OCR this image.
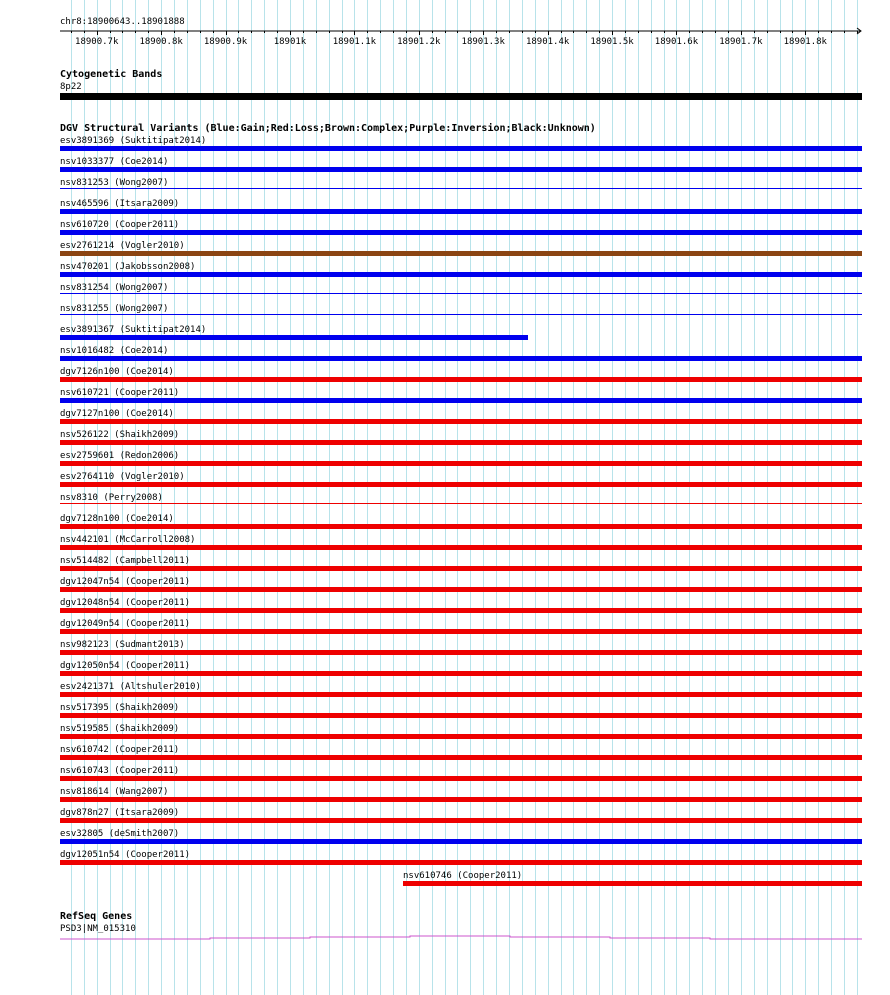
chr8:18900643..18901888
18900.7k 18900.8k 18900.9k	18901k	18901.1k 18901.2k 18901.3k 18901.4k 18901.5k 18901.6k 18901.7k 18901.8k
Cytogenetic Bands
8p22
DGV Structural Variants (Blue:Gain;Red:Loss;Brown:Complex;Purple:Inversion;Black:Unknown)
esv3891369 (Suktitipat2014)
nsv1033377 (Coe2014)
nsv831253 (Wong2007)
nsv465596 (Itsara2009)
nsv610720 (Cooper2011)
esv2761214 (Vogler2010)
nsv470201 (Jakobsson2008)
nsv831254 (Wong2007)
nsv831255 (Wong2007)
esv3891367 (Suktitipat2014)
nsv1016482 (Coe2014)
dgv7126n100 (Coe2014)
nsv610721 (Cooper2011)
dgv7127n100 (Coe2014)
nsv526122 (Shaikh2009)
esv2759601 (Redon2006)
esv2764110 (Vogler2010)
nsv8310 (Perry2008)
dgv7128n100 (Coe2014)
nsv442101 (McCarroll2008)
nsv514482 (Campbell2011)
dgv12047n54 (Cooper2011)
dgv12048n54 (Cooper2011)
dgv12049n54 (Cooper2011)
nsv982123 (Sudmant2013)
dgv12050n54 (Cooper2011)
esv2421371 (Altshuler2010)
nsv517395 (Shaikh2009)
nsv519585 (Shaikh2009)
nsv610742 (Cooper2011)
nsv610743 (Cooper2011)
nsv818614 (Wang2007)
dgv878n27 (Itsara2009)
esv32805 (deSmith2007)
dgv12051n54 (Cooper2011)
nsv610746 (Cooper2011)
RefSeq Genes
PSD3|NM_015310
